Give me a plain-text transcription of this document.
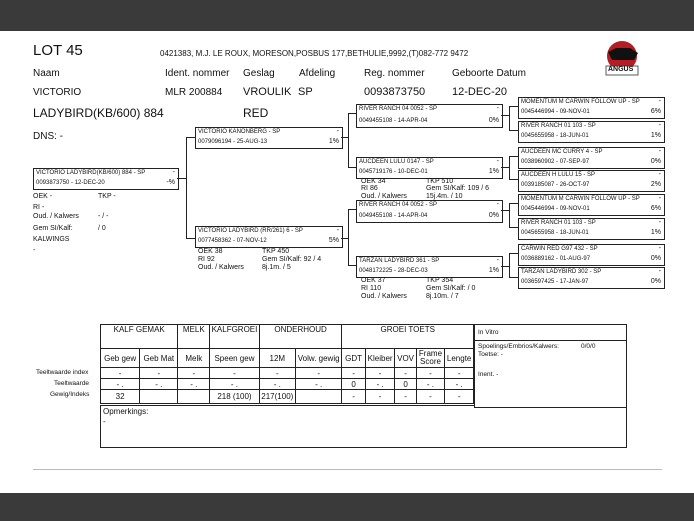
LOT 45	0421383, M.J. LE ROUX, MORESON,POSBUS 177,BETHULIE,9992,(T)082-772 9472
Naam	Ident. nommer Geslag Afdeling	Reg. nommer	Geboorte Datum
VICTORIO	MLR 200884 VROULIK SP	0093873750 12-DEC-20
LADYBIRD(KB/600) 884	RED
DNS: -
ANGUS
VICTORIO LADYBIRD(KB/600) 884 - SP	-
0093873750 - 12-DEC-20	-%
OEK -	TKP -
RI -
Oud. / Kalwers	- / -
Gem SI/Kalf:	/ 0
KALWINGS
-
VICTORIO KANONBERG - SP	-
0079096194 - 25-AUG-13	1%
VICTORIO LADYBIRD (RR/261) 6 - SP	-
0077458362 - 07-NOV-12	5%
OEK 38	TKP 450
RI 92	Gem SI/Kalf: 92 / 4
Oud. / Kalwers	8j.1m. / 5
RIVER RANCH 04 0052 - SP	-
0049455108 - 14-APR-04	0%
AUCDEEN LULU 0147 - SP	-
0045719176 - 10-DEC-01	1%
OEK 34	TKP 510
RI 86	Gem SI/Kalf: 109 / 6
Oud. / Kalwers	15j.4m. / 10
RIVER RANCH 04 0052 - SP	-
0049455108 - 14-APR-04	0%
TARZAN LADYBIRD 361 - SP	-
0048172225 - 28-DEC-03	1%
OEK 37	TKP 354
RI 110	Gem SI/Kalf: / 0
Oud. / Kalwers	8j.10m. / 7
MOMENTUM M CARWIN FOLLOW UP - SP	-
0045446994 - 09-NOV-01	6%
RIVER RANCH 01 103 - SP	-
0045655958 - 18-JUN-01	1%
AUCDEEN MC CURRY 4 - SP	-
0038960902 - 07-SEP-97	0%
AUCDEEN H LULU 15 - SP	-
0039185087 - 26-OCT-97	2%
MOMENTUM M CARWIN FOLLOW UP - SP	-
0045446994 - 09-NOV-01	6%
RIVER RANCH 01 103 - SP	-
0045655958 - 18-JUN-01	1%
CARWIN RED G97 432 - SP	-
0036889162 - 01-AUG-97	0%
TARZAN LADYBIRD 302 - SP	-
0036597425 - 17-JAN-97	0%
KALF GEMAK		MELK	KALFGROEI	ONDERHOUD		GROEI TOETS				
Geb gew	Geb Mat	Melk	Speen gew	12M	Volw. gewig	GDT	Kleiber	VOV	Frame Score	Lengte
-	-	-	-	-	-	-	-	-	-	-
- .	- .	- .	- .	- .	- .	0	- .	0	- .	- .
32			218 (100)	217(100)		-	-	-	-	-
Teeltwaarde index
Teeltwaarde
Gewig/Indeks
Opmerkings:
-
In Vitro
Spoelings/Embrios/Kalwers:	0/0/0
Toetse: -
Inent. -
